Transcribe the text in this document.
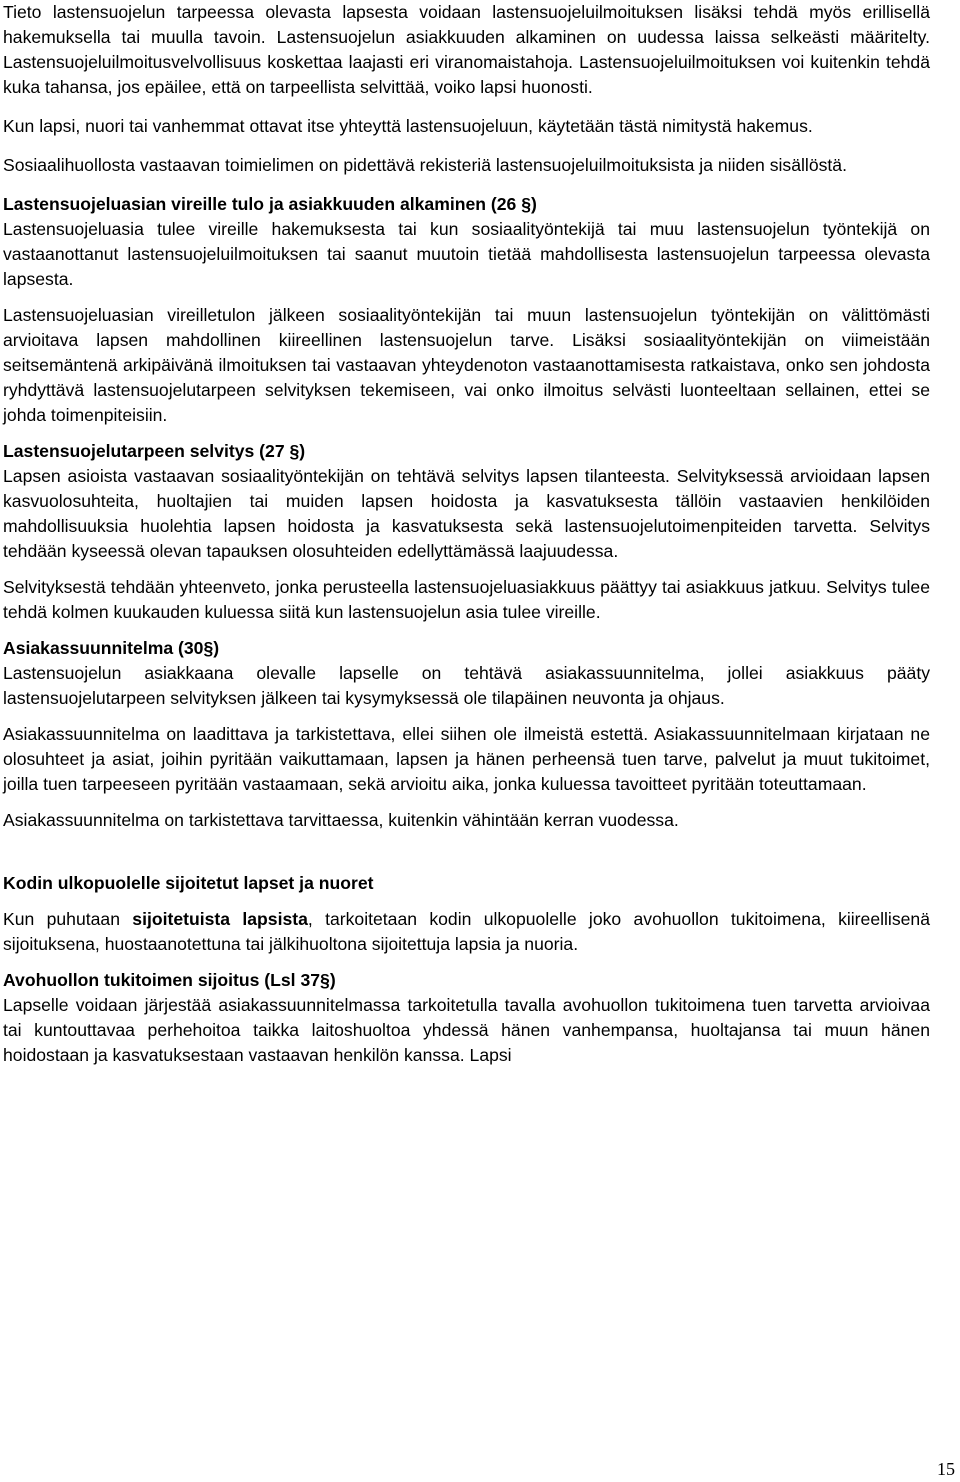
Tieto lastensuojelun tarpeessa olevasta lapsesta voidaan lastensuojeluilmoituksen lisäksi tehdä myös erillisellä hakemuksella tai muulla tavoin. Lastensuojelun asiakkuuden alkaminen on uudessa laissa selkeästi määritelty. Lastensuojeluilmoitusvelvollisuus koskettaa laajasti eri viranomaistahoja. Lastensuojeluilmoituksen voi kuitenkin tehdä kuka tahansa, jos epäilee, että on tarpeellista selvittää, voiko lapsi huonosti.

Kun lapsi, nuori tai vanhemmat ottavat itse yhteyttä lastensuojeluun, käytetään tästä nimitystä hakemus.

Sosiaalihuollosta vastaavan toimielimen on pidettävä rekisteriä lastensuojeluilmoituksista ja niiden sisällöstä.

Lastensuojeluasian vireille tulo ja asiakkuuden alkaminen (26 §)

Lastensuojeluasia tulee vireille hakemuksesta tai kun sosiaalityöntekijä tai muu lastensuojelun työntekijä on vastaanottanut lastensuojeluilmoituksen tai saanut muutoin tietää mahdollisesta lastensuojelun tarpeessa olevasta lapsesta.

Lastensuojeluasian vireilletulon jälkeen sosiaalityöntekijän tai muun lastensuojelun työntekijän on välittömästi arvioitava lapsen mahdollinen kiireellinen lastensuojelun tarve. Lisäksi sosiaalityöntekijän on viimeistään seitsemäntenä arkipäivänä ilmoituksen tai vastaavan yhteydenoton vastaanottamisesta ratkaistava, onko sen johdosta ryhdyttävä lastensuojelutarpeen selvityksen tekemiseen, vai onko ilmoitus selvästi luonteeltaan sellainen, ettei se johda toimenpiteisiin.

Lastensuojelutarpeen selvitys (27 §)

Lapsen asioista vastaavan sosiaalityöntekijän on tehtävä selvitys lapsen tilanteesta. Selvityksessä arvioidaan lapsen kasvuolosuhteita, huoltajien tai muiden lapsen hoidosta ja kasvatuksesta tällöin vastaavien henkilöiden mahdollisuuksia huolehtia lapsen hoidosta ja kasvatuksesta sekä lastensuojelutoimenpiteiden tarvetta. Selvitys tehdään kyseessä olevan tapauksen olosuhteiden edellyttämässä laajuudessa.

Selvityksestä tehdään yhteenveto, jonka perusteella lastensuojeluasiakkuus päättyy tai asiakkuus jatkuu. Selvitys tulee tehdä kolmen kuukauden kuluessa siitä kun lastensuojelun asia tulee vireille.

Asiakassuunnitelma (30§)

Lastensuojelun asiakkaana olevalle lapselle on tehtävä asiakassuunnitelma, jollei asiakkuus pääty lastensuojelutarpeen selvityksen jälkeen tai kysymyksessä ole tilapäinen neuvonta ja ohjaus.

Asiakassuunnitelma on laadittava ja tarkistettava, ellei siihen ole ilmeistä estettä. Asiakassuunnitelmaan kirjataan ne olosuhteet ja asiat, joihin pyritään vaikuttamaan, lapsen ja hänen perheensä tuen tarve, palvelut ja muut tukitoimet, joilla tuen tarpeeseen pyritään vastaamaan, sekä arvioitu aika, jonka kuluessa tavoitteet pyritään toteuttamaan.

Asiakassuunnitelma on tarkistettava tarvittaessa, kuitenkin vähintään kerran vuodessa.

Kodin ulkopuolelle sijoitetut lapset ja nuoret

Kun puhutaan sijoitetuista lapsista, tarkoitetaan kodin ulkopuolelle joko avohuollon tukitoimena, kiireellisenä sijoituksena, huostaanotettuna tai jälkihuoltona sijoitettuja lapsia ja nuoria.

Avohuollon tukitoimen sijoitus (Lsl 37§)

Lapselle voidaan järjestää asiakassuunnitelmassa tarkoitetulla tavalla avohuollon tukitoimena tuen tarvetta arvioivaa tai kuntouttavaa perhehoitoa taikka laitoshuoltoa yhdessä hänen vanhempansa, huoltajansa tai muun hänen hoidostaan ja kasvatuksestaan vastaavan henkilön kanssa. Lapsi

15
